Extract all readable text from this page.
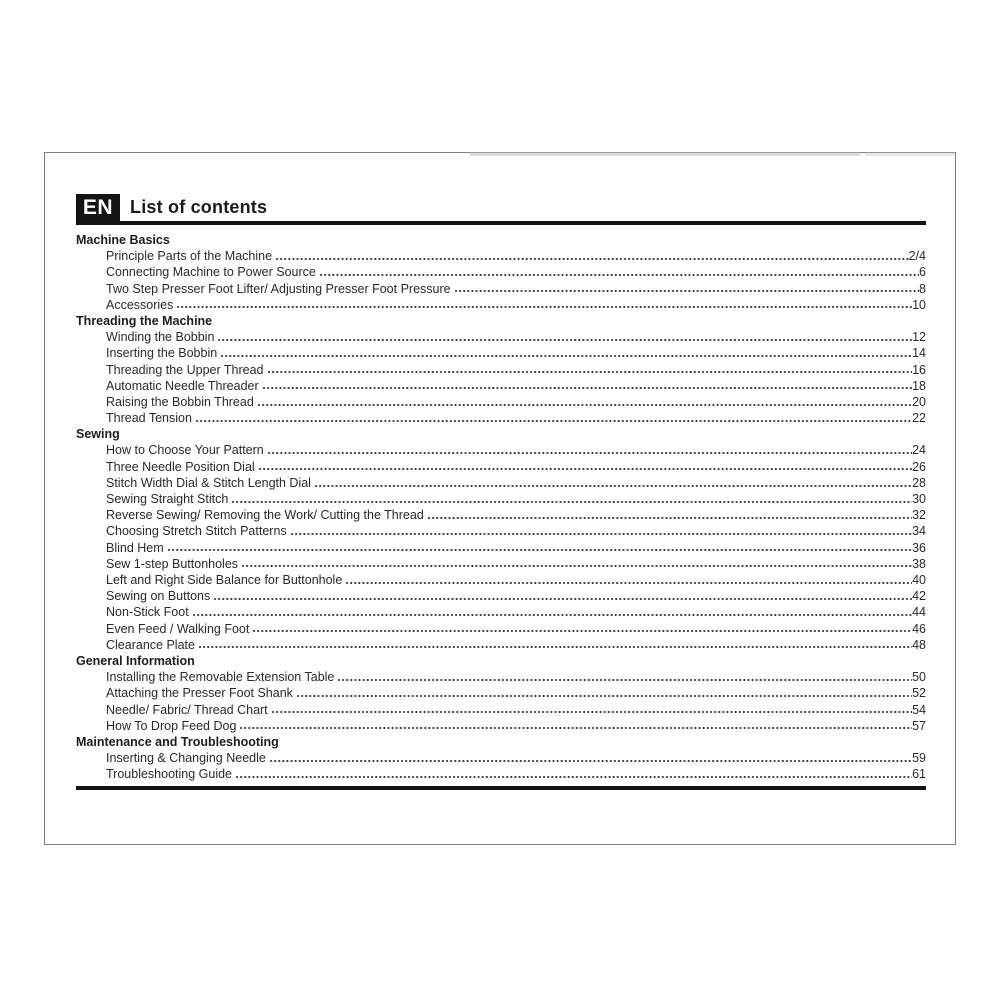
EN List of contents
Machine Basics
Principle Parts of the Machine	2/4
Connecting Machine to Power Source	6
Two Step Presser Foot Lifter/ Adjusting Presser Foot Pressure	8
Accessories	10
Threading the Machine
Winding the Bobbin	12
Inserting the Bobbin	14
Threading the Upper Thread	16
Automatic Needle Threader	18
Raising the Bobbin Thread	20
Thread Tension	22
Sewing
How to Choose Your Pattern	24
Three Needle Position Dial	26
Stitch Width Dial & Stitch Length Dial	28
Sewing Straight Stitch	30
Reverse Sewing/ Removing the Work/ Cutting the Thread	32
Choosing Stretch Stitch Patterns	34
Blind Hem	36
Sew 1-step Buttonholes	38
Left and Right Side Balance for Buttonhole	40
Sewing on Buttons	42
Non-Stick Foot	44
Even Feed / Walking Foot	46
Clearance Plate	48
General Information
Installing the Removable Extension Table	50
Attaching the Presser Foot Shank	52
Needle/ Fabric/ Thread Chart	54
How To Drop Feed Dog	57
Maintenance and Troubleshooting
Inserting & Changing Needle	59
Troubleshooting Guide	61
